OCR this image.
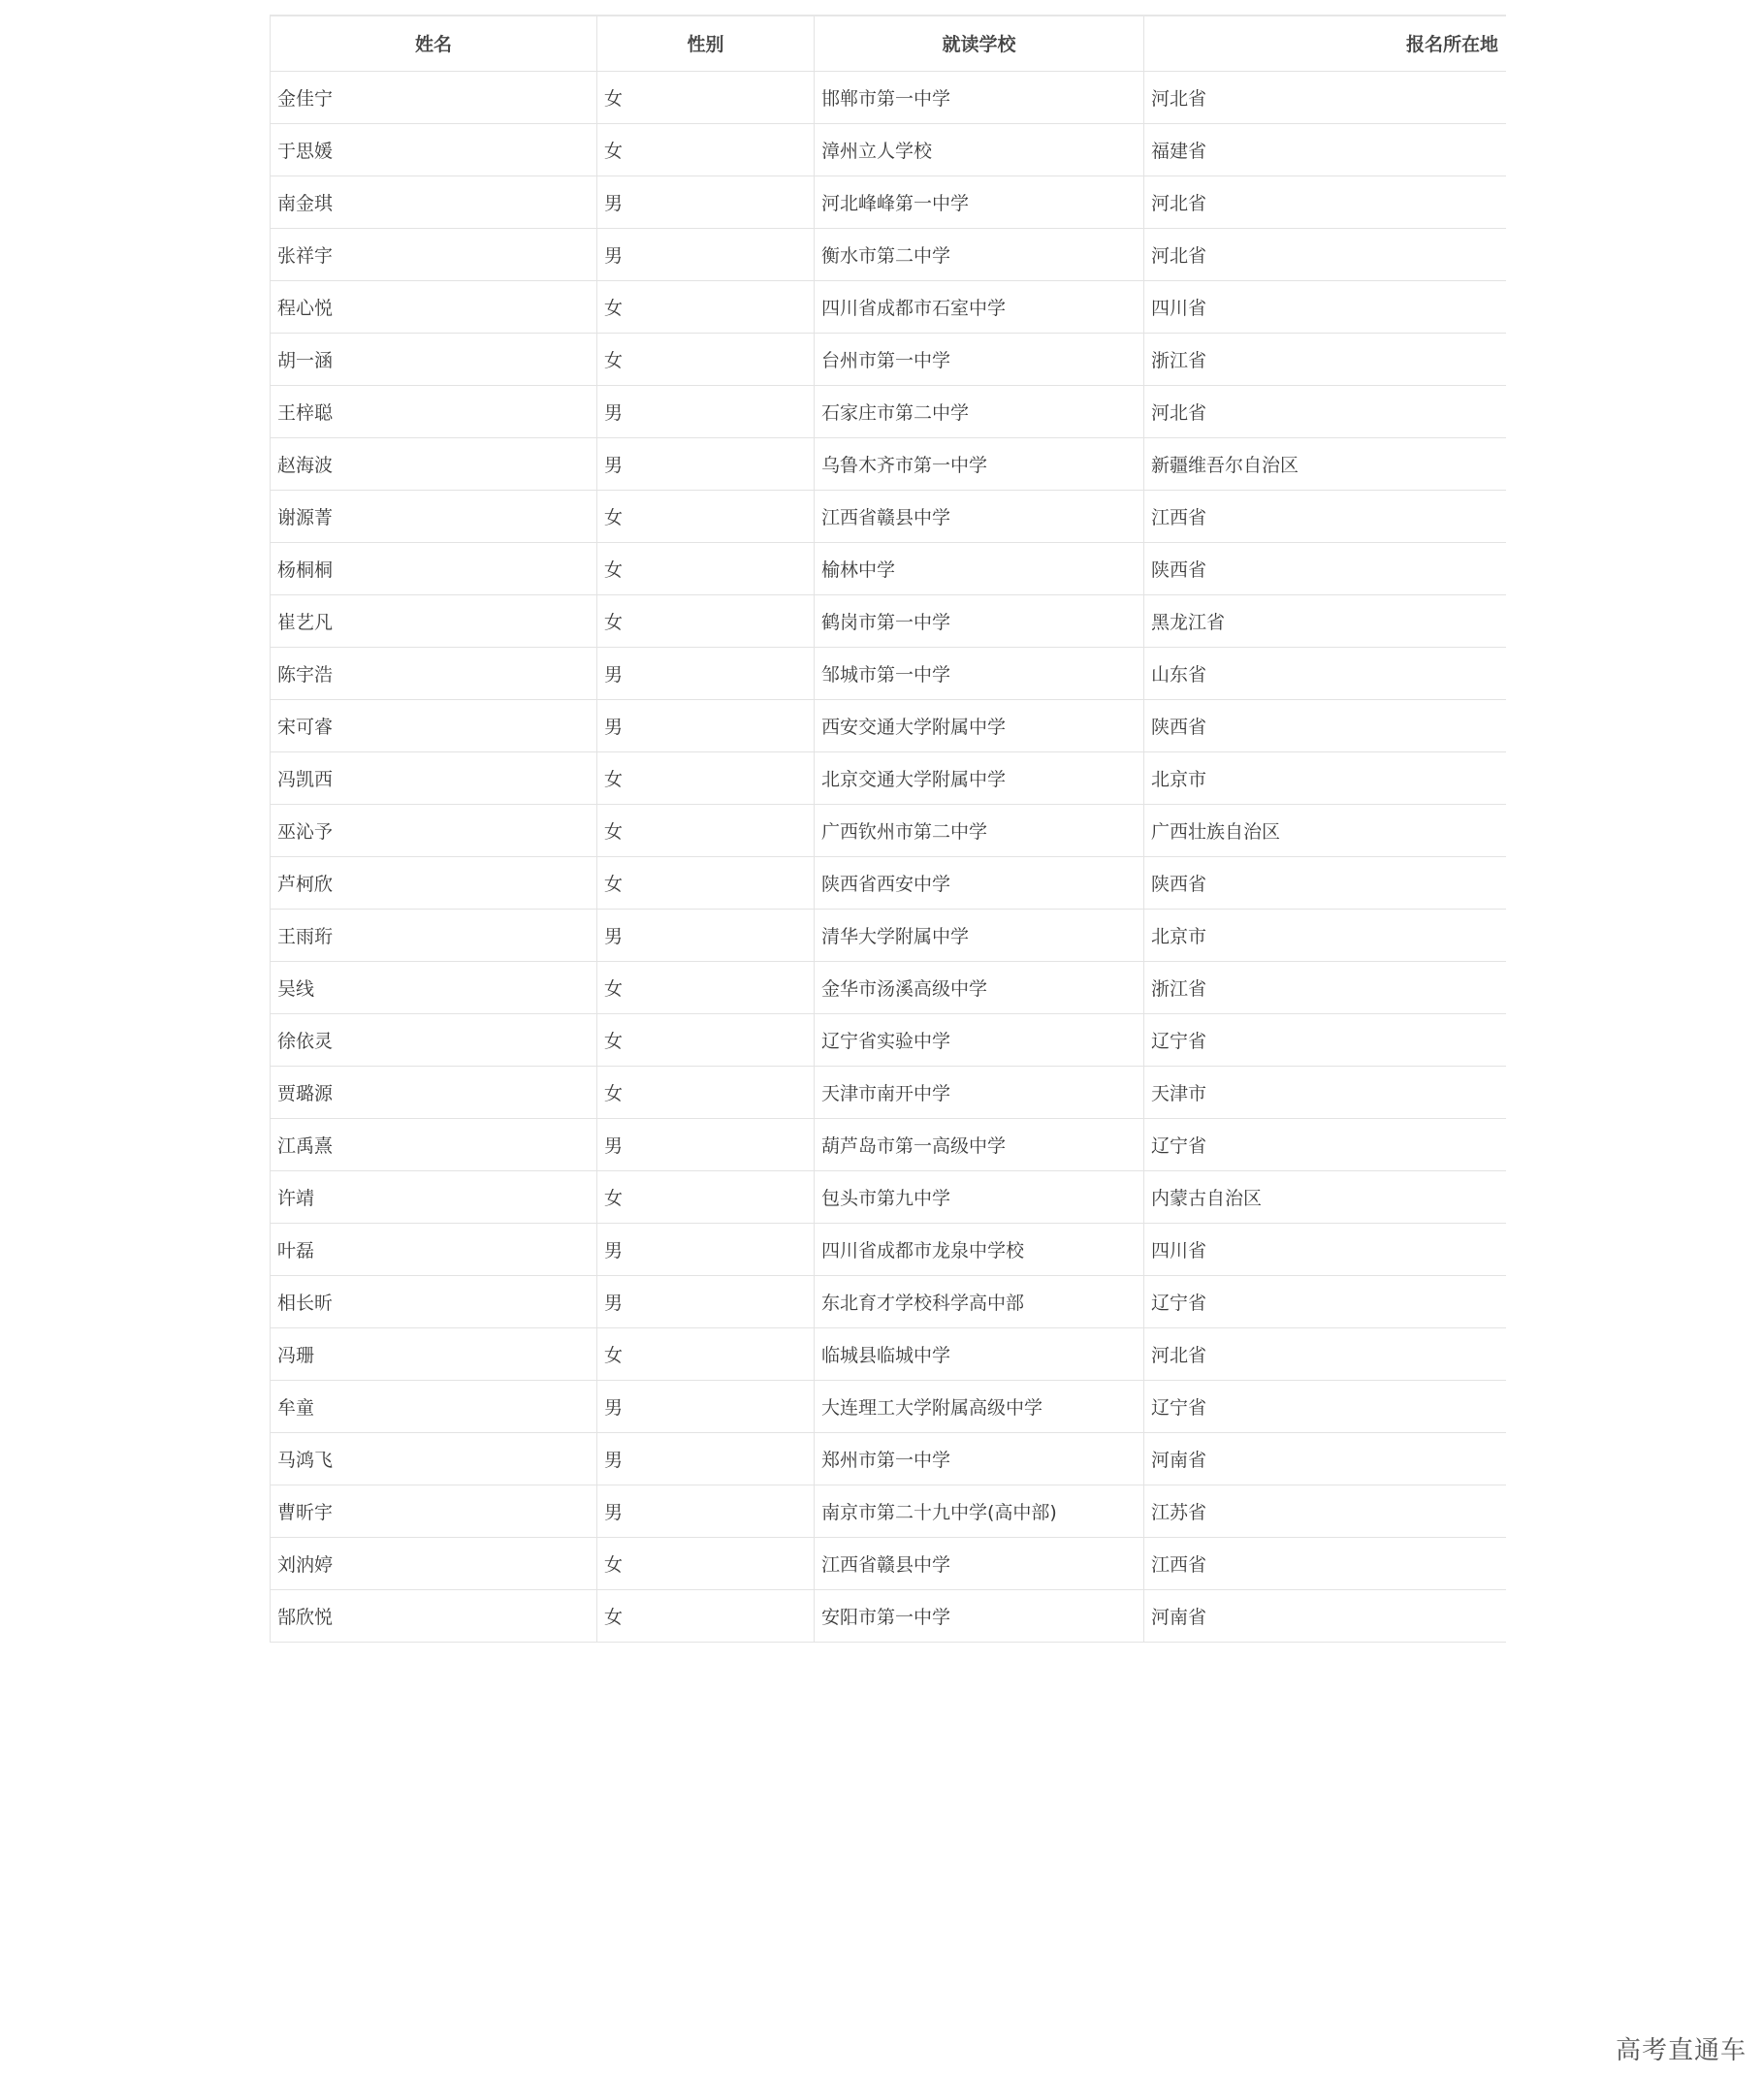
姓名	性别	就读学校	报名所在地
金佳宁	女	邯郸市第一中学	河北省
于思媛	女	漳州立人学校	福建省
南金琪	男	河北峰峰第一中学	河北省
张祥宇	男	衡水市第二中学	河北省
程心悦	女	四川省成都市石室中学	四川省
胡一涵	女	台州市第一中学	浙江省
王梓聪	男	石家庄市第二中学	河北省
赵海波	男	乌鲁木齐市第一中学	新疆维吾尔自治区
谢源菁	女	江西省赣县中学	江西省
杨桐桐	女	榆林中学	陕西省
崔艺凡	女	鹤岗市第一中学	黑龙江省
陈宇浩	男	邹城市第一中学	山东省
宋可睿	男	西安交通大学附属中学	陕西省
冯凯西	女	北京交通大学附属中学	北京市
巫沁予	女	广西钦州市第二中学	广西壮族自治区
芦柯欣	女	陕西省西安中学	陕西省
王雨珩	男	清华大学附属中学	北京市
吴线	女	金华市汤溪高级中学	浙江省
徐依灵	女	辽宁省实验中学	辽宁省
贾璐源	女	天津市南开中学	天津市
江禹熹	男	葫芦岛市第一高级中学	辽宁省
许靖	女	包头市第九中学	内蒙古自治区
叶磊	男	四川省成都市龙泉中学校	四川省
相长昕	男	东北育才学校科学高中部	辽宁省
冯珊	女	临城县临城中学	河北省
牟童	男	大连理工大学附属高级中学	辽宁省
马鸿飞	男	郑州市第一中学	河南省
曹昕宇	男	南京市第二十九中学(高中部)	江苏省
刘汭婷	女	江西省赣县中学	江西省
郜欣悦	女	安阳市第一中学	河南省
高考直通车
